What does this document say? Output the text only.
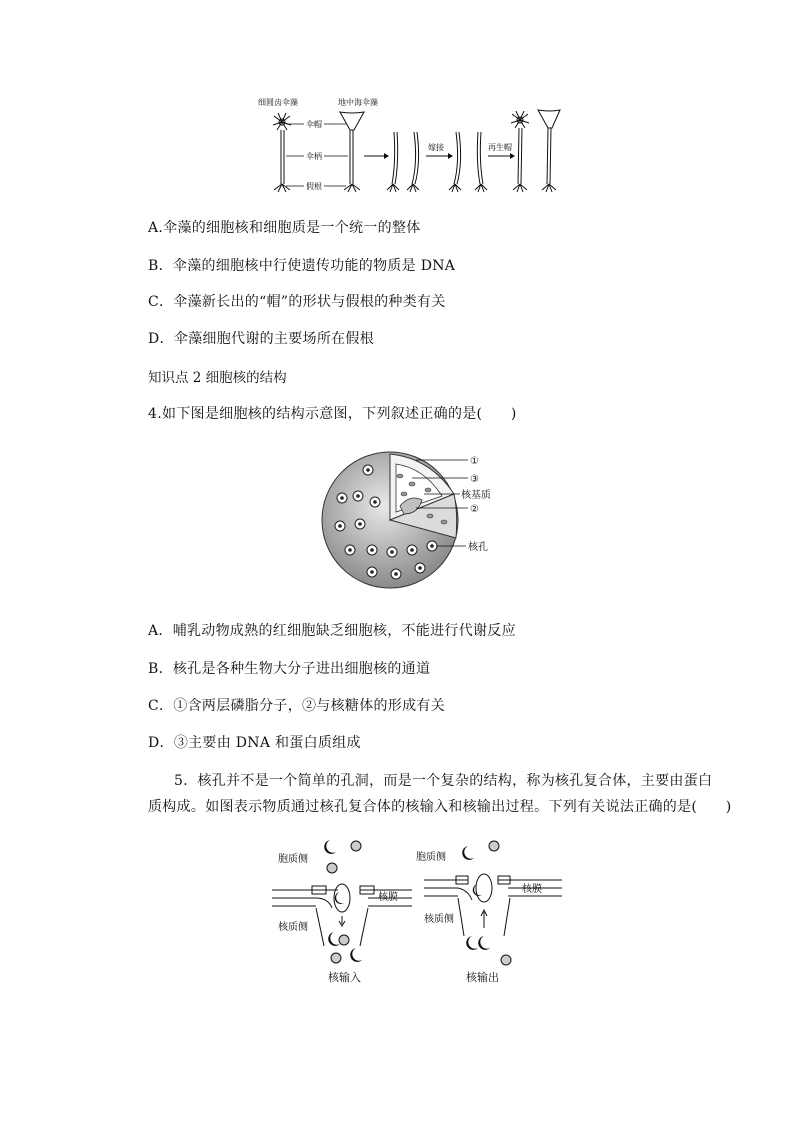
细圆齿伞藻	地中海伞藻
伞帽
伞柄
假根
嫁接	再生帽
A.伞藻的细胞核和细胞质是一个统一的整体
B．伞藻的细胞核中行使遗传功能的物质是 DNA
C．伞藻新长出的“帽”的形状与假根的种类有关
D．伞藻细胞代谢的主要场所在假根
知识点 2 细胞核的结构
4.如下图是细胞核的结构示意图，下列叙述正确的是(　　)
①
③
核基质
②
核孔
A．哺乳动物成熟的红细胞缺乏细胞核，不能进行代谢反应
B．核孔是各种生物大分子进出细胞核的通道
C．①含两层磷脂分子，②与核糖体的形成有关
D．③主要由 DNA 和蛋白质组成
5．核孔并不是一个简单的孔洞，而是一个复杂的结构，称为核孔复合体，主要由蛋白
质构成。如图表示物质通过核孔复合体的核输入和核输出过程。下列有关说法正确的是(　　)
胞质侧
核质侧
核膜
核输入
胞质侧
核质侧
核膜
核输出
